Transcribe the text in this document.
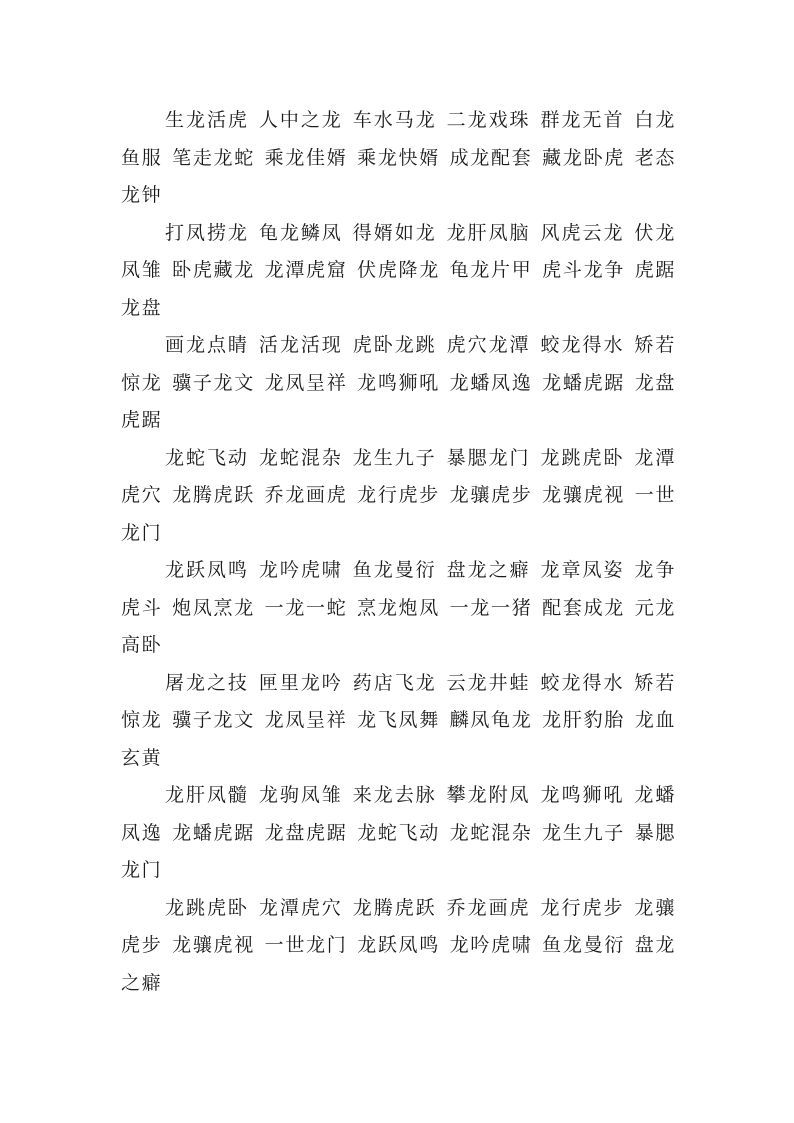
生龙活虎 人中之龙 车水马龙 二龙戏珠 群龙无首 白龙鱼服 笔走龙蛇 乘龙佳婿 乘龙快婿 成龙配套 藏龙卧虎 老态龙钟

打凤捞龙 龟龙鳞凤 得婿如龙 龙肝凤脑 风虎云龙 伏龙凤雏 卧虎藏龙 龙潭虎窟 伏虎降龙 龟龙片甲 虎斗龙争 虎踞龙盘

画龙点睛 活龙活现 虎卧龙跳 虎穴龙潭 蛟龙得水 矫若惊龙 骥子龙文 龙凤呈祥 龙鸣狮吼 龙蟠凤逸 龙蟠虎踞 龙盘虎踞

龙蛇飞动 龙蛇混杂 龙生九子 暴腮龙门 龙跳虎卧 龙潭虎穴 龙腾虎跃 乔龙画虎 龙行虎步 龙骧虎步 龙骧虎视 一世龙门

龙跃凤鸣 龙吟虎啸 鱼龙曼衍 盘龙之癖 龙章凤姿 龙争虎斗 炮凤烹龙 一龙一蛇 烹龙炮凤 一龙一猪 配套成龙 元龙高卧

屠龙之技 匣里龙吟 药店飞龙 云龙井蛙 蛟龙得水 矫若惊龙 骥子龙文 龙凤呈祥 龙飞凤舞 麟凤龟龙 龙肝豹胎 龙血玄黄

龙肝凤髓 龙驹凤雏 来龙去脉 攀龙附凤 龙鸣狮吼 龙蟠凤逸 龙蟠虎踞 龙盘虎踞 龙蛇飞动 龙蛇混杂 龙生九子 暴腮龙门

龙跳虎卧 龙潭虎穴 龙腾虎跃 乔龙画虎 龙行虎步 龙骧虎步 龙骧虎视 一世龙门 龙跃凤鸣 龙吟虎啸 鱼龙曼衍 盘龙之癖
